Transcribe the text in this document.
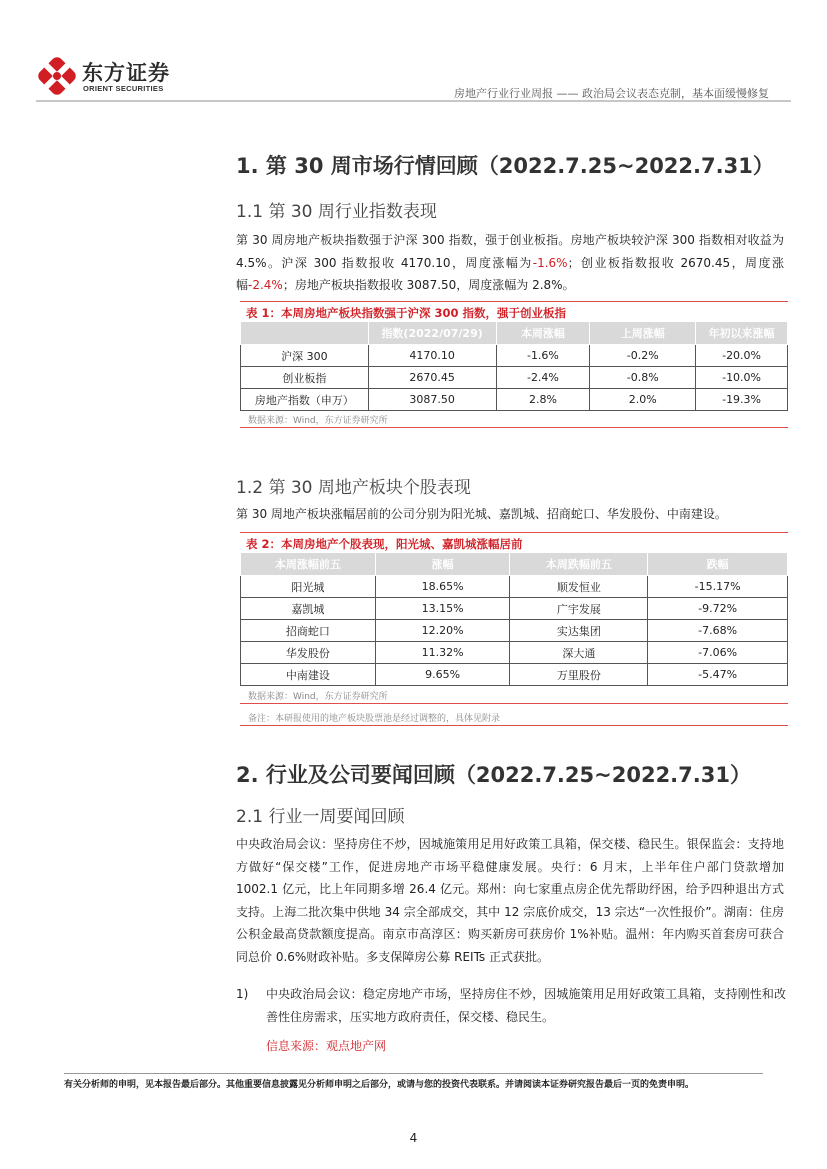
东方证券
ORIENT SECURITIES	房地产行业行业周报 —— 政治局会议表态克制，基本面缓慢修复
1. 第 30 周市场行情回顾（2022.7.25~2022.7.31）
1.1 第 30 周行业指数表现
第 30 周房地产板块指数强于沪深 300 指数，强于创业板指。房地产板块较沪深 300 指数相对收益为 4.5%。沪深 300 指数报收 4170.10，周度涨幅为-1.6%；创业板指数报收 2670.45，周度涨幅-2.4%；房地产板块指数报收 3087.50，周度涨幅为 2.8%。
表 1：本周房地产板块指数强于沪深 300 指数，强于创业板指
	指数(2022/07/29)	本周涨幅	上周涨幅	年初以来涨幅
沪深 300	4170.10	-1.6%	-0.2%	-20.0%
创业板指	2670.45	-2.4%	-0.8%	-10.0%
房地产指数（申万）	3087.50	2.8%	2.0%	-19.3%
数据来源：Wind，东方证券研究所
1.2 第 30 周地产板块个股表现
第 30 周地产板块涨幅居前的公司分别为阳光城、嘉凯城、招商蛇口、华发股份、中南建设。
表 2：本周房地产个股表现，阳光城、嘉凯城涨幅居前
本周涨幅前五	涨幅	本周跌幅前五	跌幅
阳光城	18.65%	顺发恒业	-15.17%
嘉凯城	13.15%	广宇发展	-9.72%
招商蛇口	12.20%	实达集团	-7.68%
华发股份	11.32%	深大通	-7.06%
中南建设	9.65%	万里股份	-5.47%
数据来源：Wind，东方证券研究所
备注：本研报使用的地产板块股票池是经过调整的，具体见附录
2. 行业及公司要闻回顾（2022.7.25~2022.7.31）
2.1 行业一周要闻回顾
中央政治局会议：坚持房住不炒，因城施策用足用好政策工具箱，保交楼、稳民生。银保监会：支持地方做好“保交楼”工作，促进房地产市场平稳健康发展。央行：6 月末，上半年住户部门贷款增加 1002.1 亿元，比上年同期多增 26.4 亿元。郑州：向七家重点房企优先帮助纾困，给予四种退出方式支持。上海二批次集中供地 34 宗全部成交，其中 12 宗底价成交，13 宗达“一次性报价”。湖南：住房公积金最高贷款额度提高。南京市高淳区：购买新房可获房价 1%补贴。温州：年内购买首套房可获合同总价 0.6%财政补贴。多支保障房公募 REITs 正式获批。
1) 中央政治局会议：稳定房地产市场，坚持房住不炒，因城施策用足用好政策工具箱，支持刚性和改善性住房需求，压实地方政府责任，保交楼、稳民生。
信息来源：观点地产网
有关分析师的申明，见本报告最后部分。其他重要信息披露见分析师申明之后部分，或请与您的投资代表联系。并请阅读本证券研究报告最后一页的免责申明。
4
